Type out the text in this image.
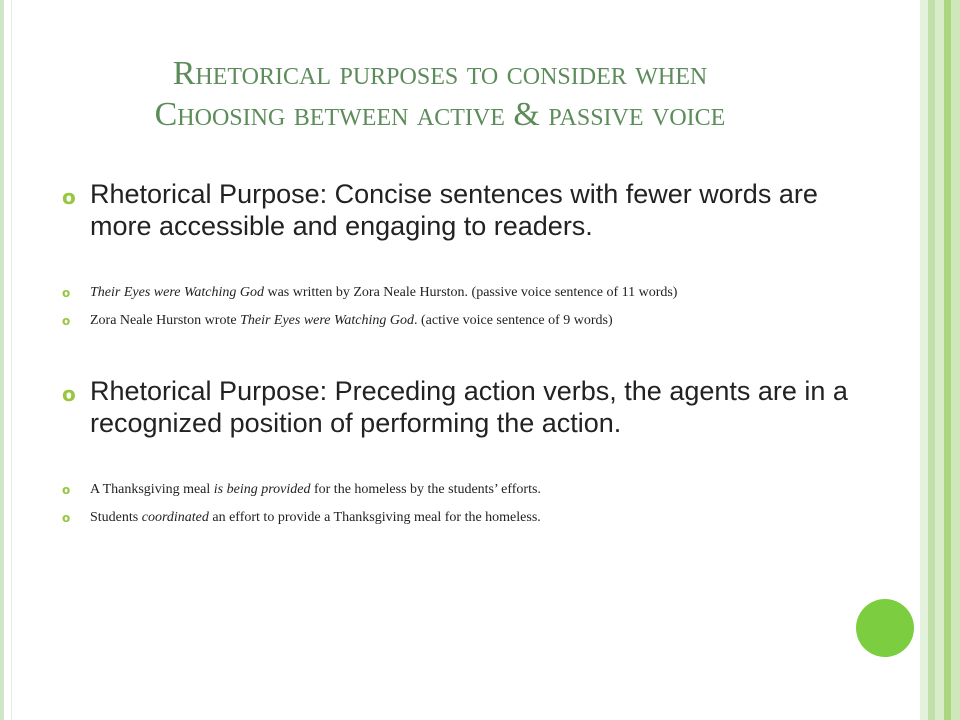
Rhetorical purposes to consider when
Choosing between active & passive voice
o Rhetorical Purpose: Concise sentences with fewer words are more accessible and engaging to readers.
o Their Eyes were Watching God was written by Zora Neale Hurston. (passive voice sentence of 11 words)
o Zora Neale Hurston wrote Their Eyes were Watching God. (active voice sentence of 9 words)
o Rhetorical Purpose: Preceding action verbs, the agents are in a recognized position of performing the action.
o A Thanksgiving meal is being provided for the homeless by the students’ efforts.
o Students coordinated an effort to provide a Thanksgiving meal for the homeless.
